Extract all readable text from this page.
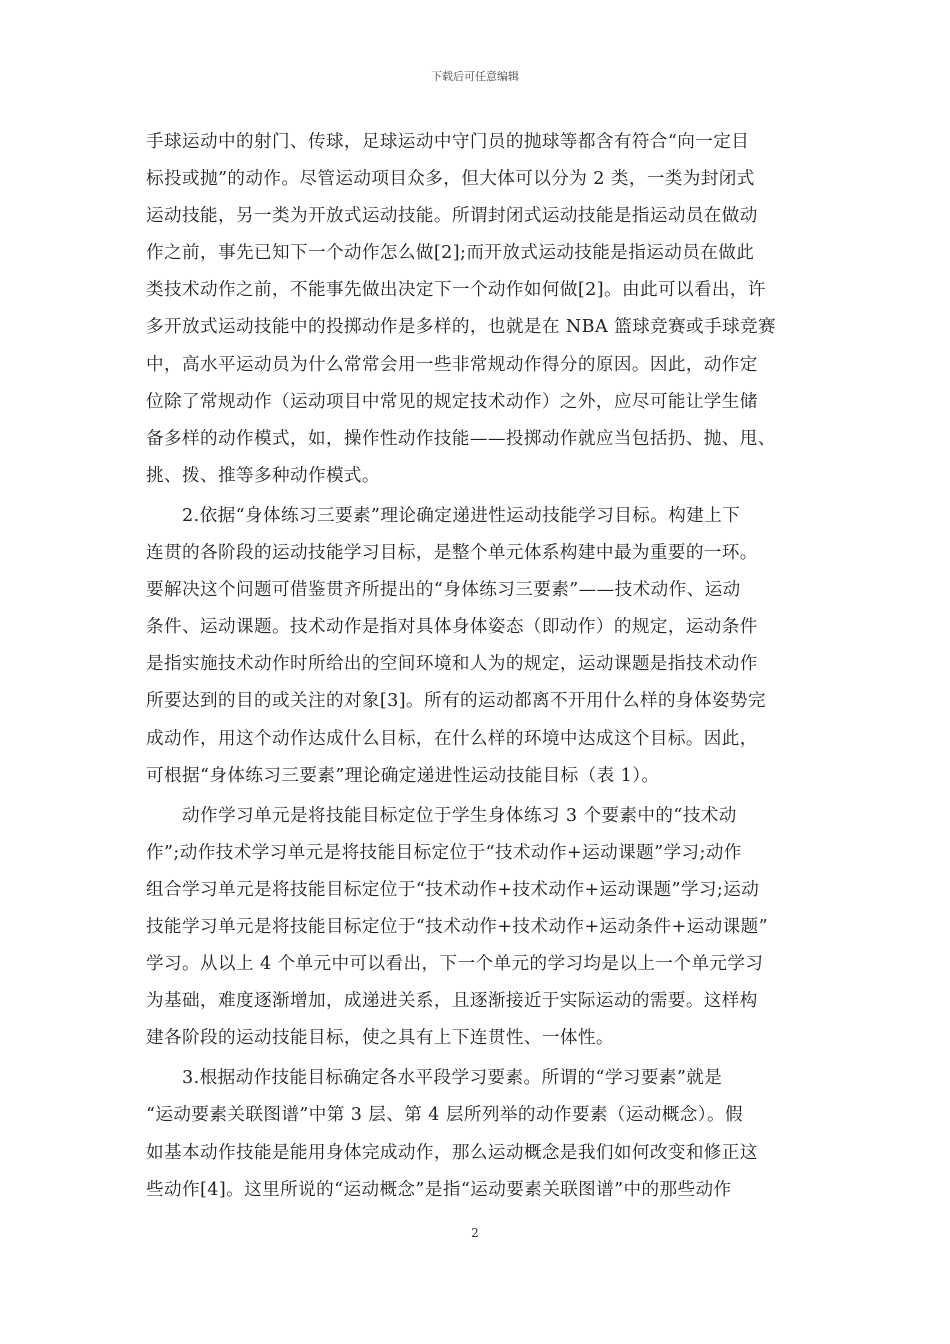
下载后可任意编辑
手球运动中的射门、传球，足球运动中守门员的抛球等都含有符合“向一定目
标投或抛”的动作。尽管运动项目众多，但大体可以分为 2 类，一类为封闭式
运动技能，另一类为开放式运动技能。所谓封闭式运动技能是指运动员在做动
作之前，事先已知下一个动作怎么做[2];而开放式运动技能是指运动员在做此
类技术动作之前，不能事先做出决定下一个动作如何做[2]。由此可以看出，许
多开放式运动技能中的投掷动作是多样的，也就是在 NBA 篮球竞赛或手球竞赛
中，高水平运动员为什么常常会用一些非常规动作得分的原因。因此，动作定
位除了常规动作（运动项目中常见的规定技术动作）之外，应尽可能让学生储
备多样的动作模式，如，操作性动作技能——投掷动作就应当包括扔、抛、甩、
挑、拨、推等多种动作模式。
2.依据“身体练习三要素”理论确定递进性运动技能学习目标。构建上下
连贯的各阶段的运动技能学习目标，是整个单元体系构建中最为重要的一环。
要解决这个问题可借鉴贯齐所提出的“身体练习三要素”——技术动作、运动
条件、运动课题。技术动作是指对具体身体姿态（即动作）的规定，运动条件
是指实施技术动作时所给出的空间环境和人为的规定，运动课题是指技术动作
所要达到的目的或关注的对象[3]。所有的运动都离不开用什么样的身体姿势完
成动作，用这个动作达成什么目标，在什么样的环境中达成这个目标。因此，
可根据“身体练习三要素”理论确定递进性运动技能目标（表 1）。
动作学习单元是将技能目标定位于学生身体练习 3 个要素中的“技术动
作”;动作技术学习单元是将技能目标定位于“技术动作+运动课题”学习;动作
组合学习单元是将技能目标定位于“技术动作+技术动作+运动课题”学习;运动
技能学习单元是将技能目标定位于“技术动作+技术动作+运动条件+运动课题”
学习。从以上 4 个单元中可以看出，下一个单元的学习均是以上一个单元学习
为基础，难度逐渐增加，成递进关系，且逐渐接近于实际运动的需要。这样构
建各阶段的运动技能目标，使之具有上下连贯性、一体性。
3.根据动作技能目标确定各水平段学习要素。所谓的“学习要素”就是
“运动要素关联图谱”中第 3 层、第 4 层所列举的动作要素（运动概念）。假
如基本动作技能是能用身体完成动作，那么运动概念是我们如何改变和修正这
些动作[4]。这里所说的“运动概念”是指“运动要素关联图谱”中的那些动作
2
